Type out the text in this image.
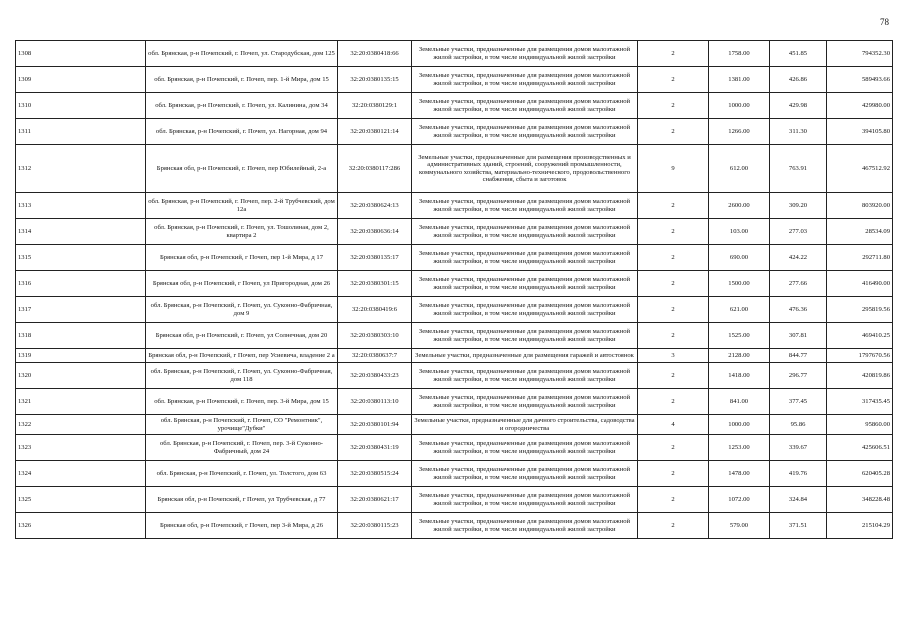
78
1308	обл. Брянская, р-н Почепский, г. Почеп, ул. Стародубская, дом 125	32:20:0380418:66	Земельные участки, предназначенные для размещения домов малоэтажной жилой застройки, в том числе индивидуальной жилой застройки	2	1758.00	451.85	794352.30
1309	обл. Брянская, р-н Почепский, г. Почеп, пер. 1-й Мира, дом 15	32:20:0380135:15	Земельные участки, предназначенные для размещения домов малоэтажной жилой застройки, в том числе индивидуальной жилой застройки	2	1381.00	426.86	589493.66
1310	обл. Брянская, р-н Почепский, г. Почеп, ул. Калинина, дом 34	32:20:0380129:1	Земельные участки, предназначенные для размещения домов малоэтажной жилой застройки, в том числе индивидуальной жилой застройки	2	1000.00	429.98	429980.00
1311	обл. Брянская, р-н Почепский, г. Почеп, ул. Нагорная, дом 94	32:20:0380121:14	Земельные участки, предназначенные для размещения домов малоэтажной жилой застройки, в том числе индивидуальной жилой застройки	2	1266.00	311.30	394105.80
1312	Брянская обл, р-н Почепский, г. Почеп, пер Юбилейный, 2-а	32:20:0380117:286	Земельные участки, предназначенные для размещения производственных и административных зданий, строений, сооружений промышленности, коммунального хозяйства, материально-технического, продовольственного снабжения, сбыта и заготовок	9	612.00	763.91	467512.92
1313	обл. Брянская, р-н Почепский, г. Почеп, пер. 2-й Трубчевский, дом 12а	32:20:0380624:13	Земельные участки, предназначенные для размещения домов малоэтажной жилой застройки, в том числе индивидуальной жилой застройки	2	2600.00	309.20	803920.00
1314	обл. Брянская, р-н Почепский, г. Почеп, ул. Тошолиная, дом 2, квартира 2	32:20:0380636:14	Земельные участки, предназначенные для размещения домов малоэтажной жилой застройки, в том числе индивидуальной жилой застройки	2	103.00	277.03	28534.09
1315	Брянская обл, р-н Почепский, г Почеп, пер 1-й Мира, д 17	32:20:0380135:17	Земельные участки, предназначенные для размещения домов малоэтажной жилой застройки, в том числе индивидуальной жилой застройки	2	690.00	424.22	292711.80
1316	Брянская обл, р-н Почепский, г Почеп, ул Пригородная, дом 26	32:20:0380301:15	Земельные участки, предназначенные для размещения домов малоэтажной жилой застройки, в том числе индивидуальной жилой застройки	2	1500.00	277.66	416490.00
1317	обл. Брянская, р-н Почепский, г. Почеп, ул. Суконно-Фабричная, дом 9	32:20:0380419:6	Земельные участки, предназначенные для размещения домов малоэтажной жилой застройки, в том числе индивидуальной жилой застройки	2	621.00	476.36	295819.56
1318	Брянская обл, р-н Почепский, г. Почеп, ул Солнечная, дом 20	32:20:0380303:10	Земельные участки, предназначенные для размещения домов малоэтажной жилой застройки, в том числе индивидуальной жилой застройки	2	1525.00	307.81	469410.25
1319	Брянская обл, р-н Почепский, г Почеп, пер Усиевича, владение 2 а	32:20:0380637:7	Земельные участки, предназначенные для размещения гаражей и автостоянок	3	2128.00	844.77	1797670.56
1320	обл. Брянская, р-н Почепский, г. Почеп, ул. Суконно-Фабричная, дом 118	32:20:0380433:23	Земельные участки, предназначенные для размещения домов малоэтажной жилой застройки, в том числе индивидуальной жилой застройки	2	1418.00	296.77	420819.86
1321	обл. Брянская, р-н Почепский, г. Почеп, пер. 3-й Мира, дом 15	32:20:0380113:10	Земельные участки, предназначенные для размещения домов малоэтажной жилой застройки, в том числе индивидуальной жилой застройки	2	841.00	377.45	317435.45
1322	обл. Брянская, р-н Почепский, г. Почеп, СО "Ремонтник", урочище"Дубки"	32:20:0380101:94	Земельные участки, предназначенные для дачного строительства, садоводства и огородничества	4	1000.00	95.86	95860.00
1323	обл. Брянская, р-н Почепский, г. Почеп, пер. 3-й Суконно-Фабричный, дом 24	32:20:0380431:19	Земельные участки, предназначенные для размещения домов малоэтажной жилой застройки, в том числе индивидуальной жилой застройки	2	1253.00	339.67	425606.51
1324	обл. Брянская, р-н Почепский, г. Почеп, ул. Толстого, дом 63	32:20:0380515:24	Земельные участки, предназначенные для размещения домов малоэтажной жилой застройки, в том числе индивидуальной жилой застройки	2	1478.00	419.76	620405.28
1325	Брянская обл, р-н Почепский, г Почеп, ул Трубчевская, д 77	32:20:0380621:17	Земельные участки, предназначенные для размещения домов малоэтажной жилой застройки, в том числе индивидуальной жилой застройки	2	1072.00	324.84	348228.48
1326	Брянская обл, р-н Почепский, г Почеп, пер 3-й Мира, д 26	32:20:0380115:23	Земельные участки, предназначенные для размещения домов малоэтажной жилой застройки, в том числе индивидуальной жилой застройки	2	579.00	371.51	215104.29
